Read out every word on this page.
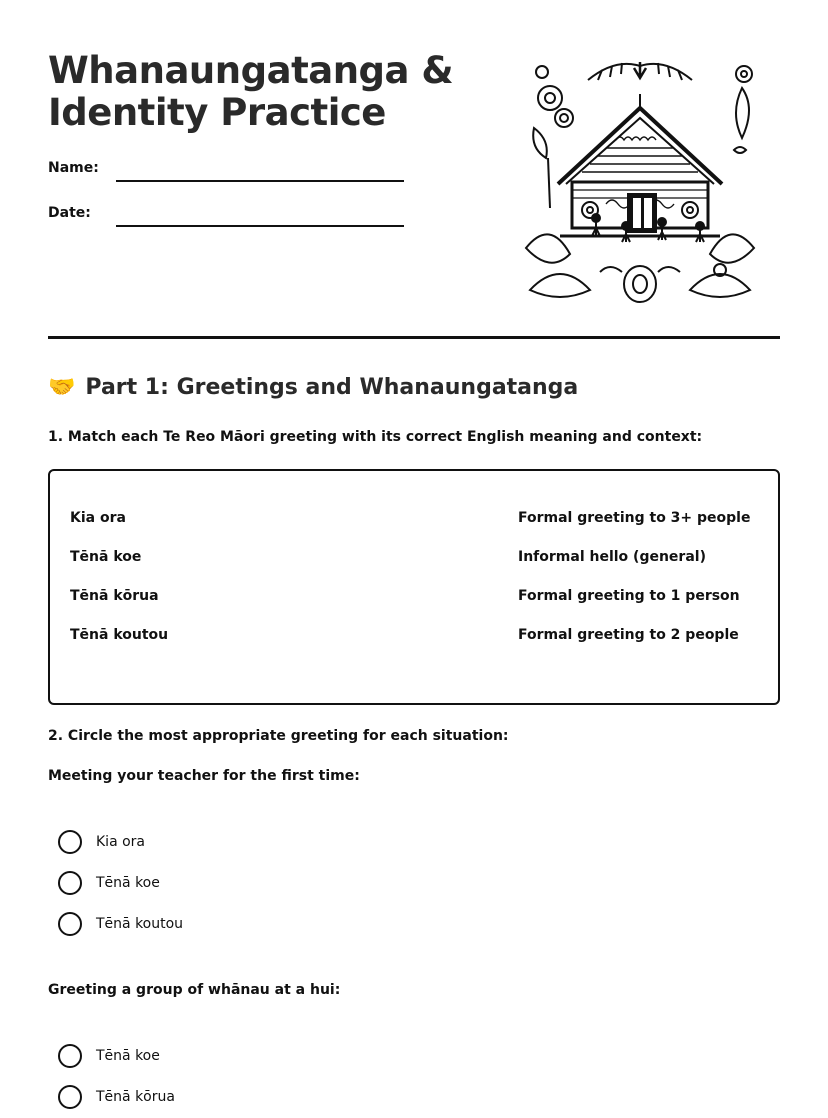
Whanaungatanga &
Identity Practice
Name:
Date:
🤝 Part 1: Greetings and Whanaungatanga

1. Match each Te Reo Māori greeting with its correct English meaning and context:

Kia ora
Tēnā koe
Tēnā kōrua
Tēnā koutou
Formal greeting to 3+ people
Informal hello (general)
Formal greeting to 1 person
Formal greeting to 2 people

2. Circle the most appropriate greeting for each situation:

Meeting your teacher for the first time:

Kia ora
Tēnā koe
Tēnā koutou

Greeting a group of whānau at a hui:

Tēnā koe
Tēnā kōrua
